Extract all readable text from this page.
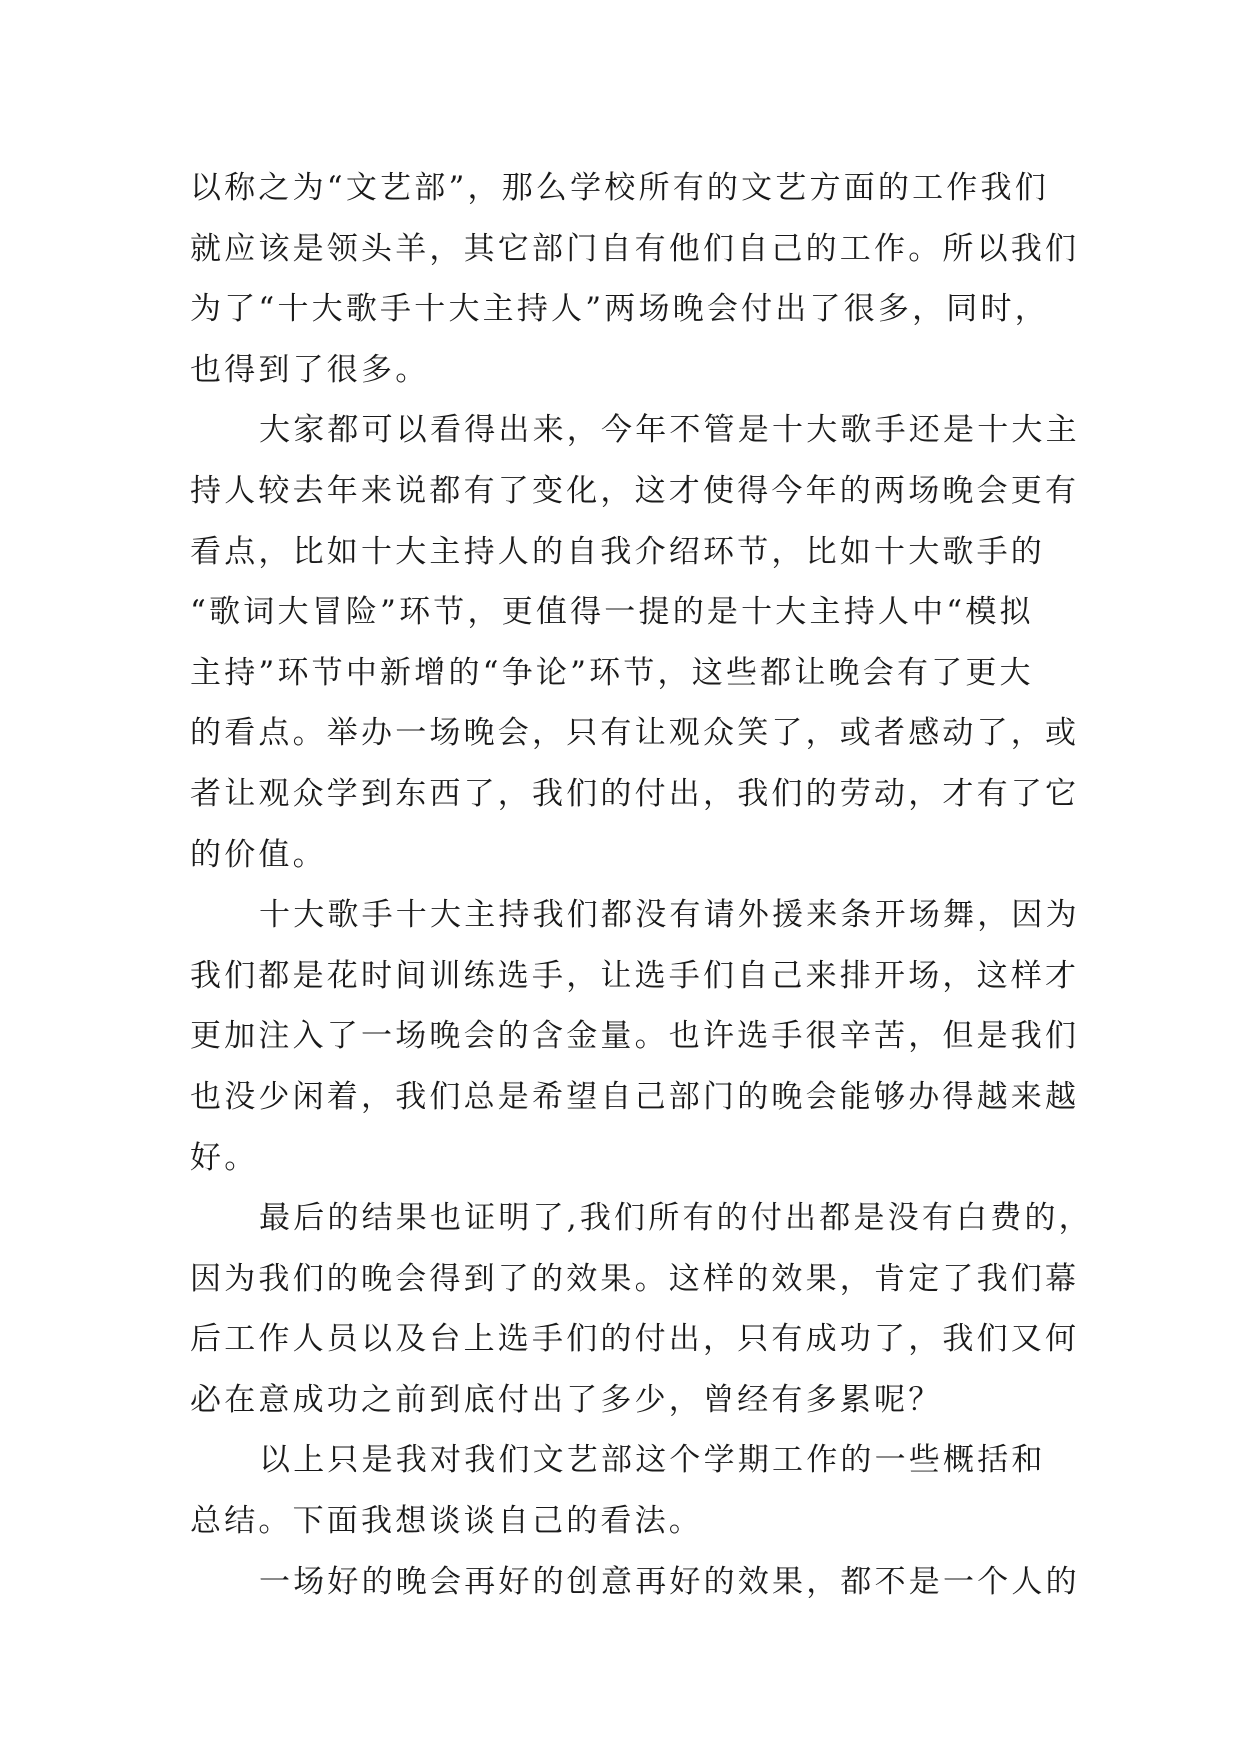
以称之为“文艺部”，那么学校所有的文艺方面的工作我们
就应该是领头羊，其它部门自有他们自己的工作。所以我们
为了“十大歌手十大主持人”两场晚会付出了很多，同时，
也得到了很多。
大家都可以看得出来，今年不管是十大歌手还是十大主
持人较去年来说都有了变化，这才使得今年的两场晚会更有
看点，比如十大主持人的自我介绍环节，比如十大歌手的
“歌词大冒险”环节，更值得一提的是十大主持人中“模拟
主持”环节中新增的“争论”环节，这些都让晚会有了更大
的看点。举办一场晚会，只有让观众笑了，或者感动了，或
者让观众学到东西了，我们的付出，我们的劳动，才有了它
的价值。
十大歌手十大主持我们都没有请外援来条开场舞，因为
我们都是花时间训练选手，让选手们自己来排开场，这样才
更加注入了一场晚会的含金量。也许选手很辛苦，但是我们
也没少闲着，我们总是希望自己部门的晚会能够办得越来越
好。
最后的结果也证明了,我们所有的付出都是没有白费的，
因为我们的晚会得到了的效果。这样的效果，肯定了我们幕
后工作人员以及台上选手们的付出，只有成功了，我们又何
必在意成功之前到底付出了多少，曾经有多累呢？
以上只是我对我们文艺部这个学期工作的一些概括和
总结。下面我想谈谈自己的看法。
一场好的晚会再好的创意再好的效果，都不是一个人的
